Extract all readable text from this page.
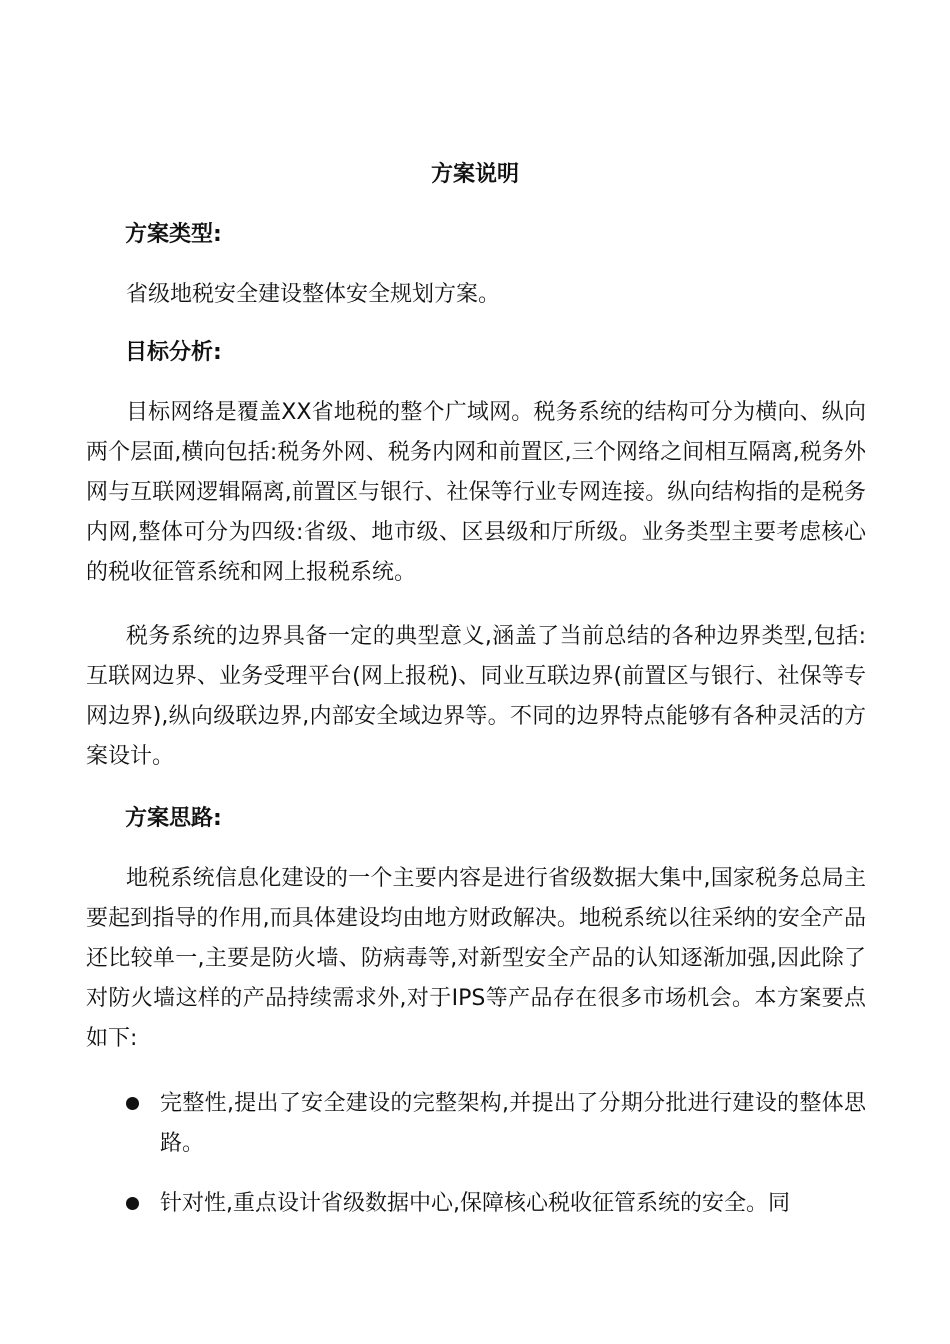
方案说明
方案类型:

省级地税安全建设整体安全规划方案。

目标分析:

目标网络是覆盖XX省地税的整个广域网。税务系统的结构可分为横向、纵向两个层面,横向包括:税务外网、税务内网和前置区,三个网络之间相互隔离,税务外网与互联网逻辑隔离,前置区与银行、社保等行业专网连接。纵向结构指的是税务内网,整体可分为四级:省级、地市级、区县级和厅所级。业务类型主要考虑核心的税收征管系统和网上报税系统。

税务系统的边界具备一定的典型意义,涵盖了当前总结的各种边界类型,包括:互联网边界、业务受理平台(网上报税)、同业互联边界(前置区与银行、社保等专网边界),纵向级联边界,内部安全域边界等。不同的边界特点能够有各种灵活的方案设计。

方案思路:

地税系统信息化建设的一个主要内容是进行省级数据大集中,国家税务总局主要起到指导的作用,而具体建设均由地方财政解决。地税系统以往采纳的安全产品还比较单一,主要是防火墙、防病毒等,对新型安全产品的认知逐渐加强,因此除了对防火墙这样的产品持续需求外,对于IPS等产品存在很多市场机会。本方案要点如下:

完整性,提出了安全建设的完整架构,并提出了分期分批进行建设的整体思路。
针对性,重点设计省级数据中心,保障核心税收征管系统的安全。同
